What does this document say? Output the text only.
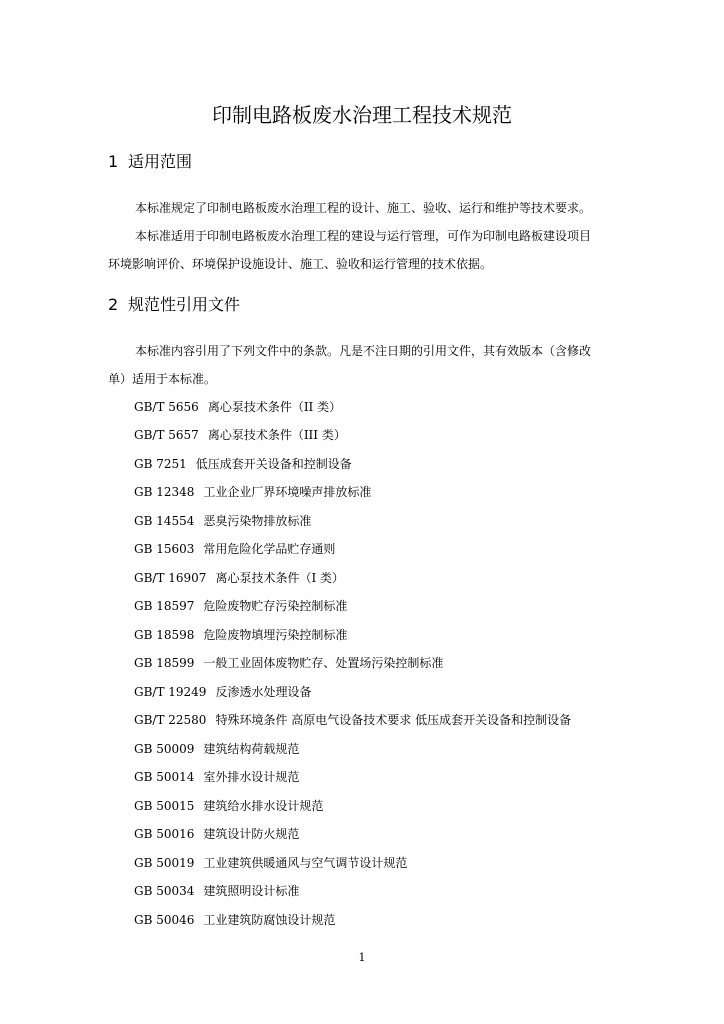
印制电路板废水治理工程技术规范
1 适用范围
本标准规定了印制电路板废水治理工程的设计、施工、验收、运行和维护等技术要求。
本标准适用于印制电路板废水治理工程的建设与运行管理，可作为印制电路板建设项目
环境影响评价、环境保护设施设计、施工、验收和运行管理的技术依据。
2 规范性引用文件
本标准内容引用了下列文件中的条款。凡是不注日期的引用文件，其有效版本（含修改
单）适用于本标准。
GB/T 5656 离心泵技术条件（II 类）
GB/T 5657 离心泵技术条件（III 类）
GB 7251 低压成套开关设备和控制设备
GB 12348 工业企业厂界环境噪声排放标准
GB 14554 恶臭污染物排放标准
GB 15603 常用危险化学品贮存通则
GB/T 16907 离心泵技术条件（I 类）
GB 18597 危险废物贮存污染控制标准
GB 18598 危险废物填埋污染控制标准
GB 18599 一般工业固体废物贮存、处置场污染控制标准
GB/T 19249 反渗透水处理设备
GB/T 22580 特殊环境条件 高原电气设备技术要求 低压成套开关设备和控制设备
GB 50009 建筑结构荷载规范
GB 50014 室外排水设计规范
GB 50015 建筑给水排水设计规范
GB 50016 建筑设计防火规范
GB 50019 工业建筑供暖通风与空气调节设计规范
GB 50034 建筑照明设计标准
GB 50046 工业建筑防腐蚀设计规范
1
